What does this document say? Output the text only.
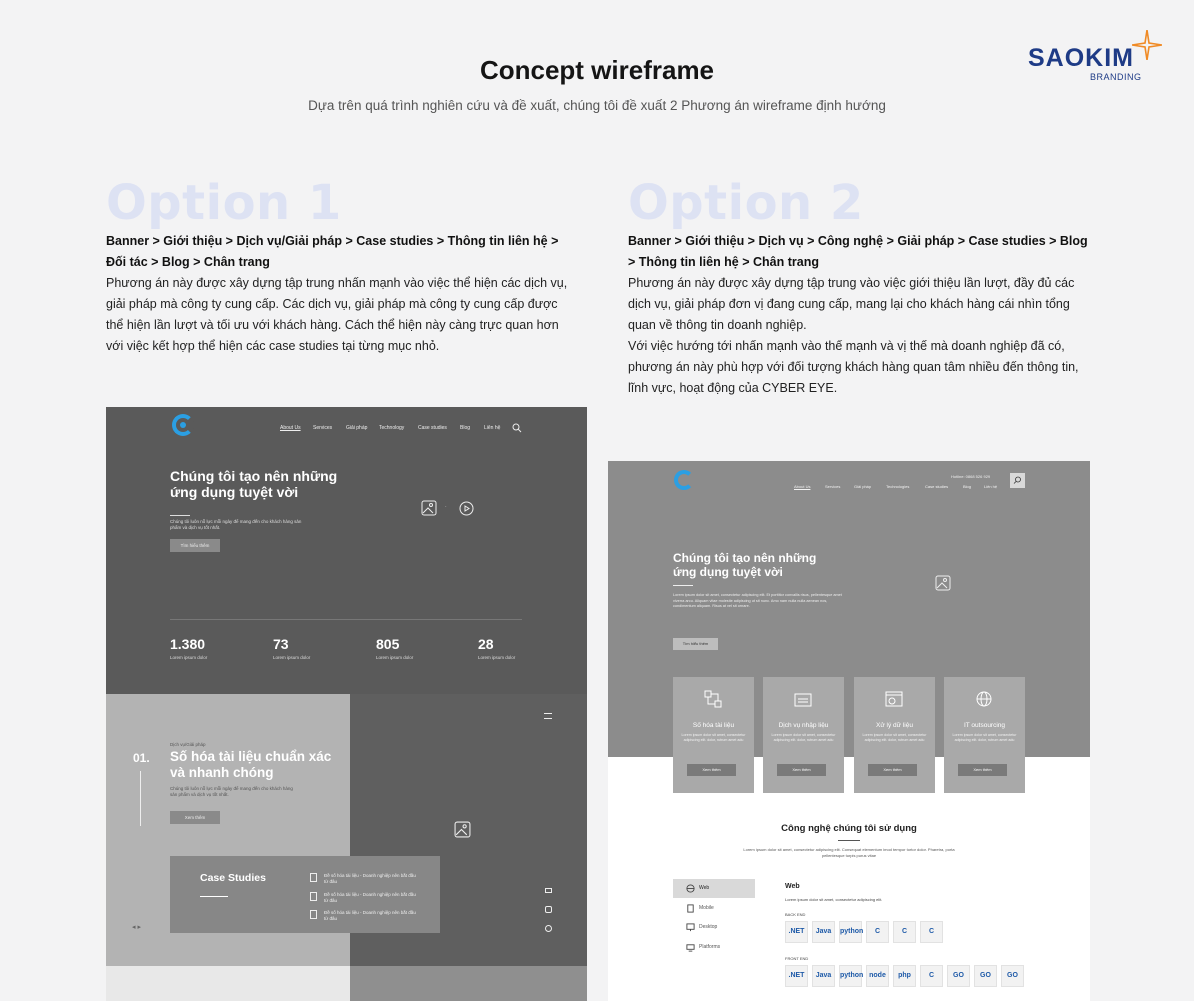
Concept wireframe
Dựa trên quá trình nghiên cứu và đề xuất, chúng tôi đề xuất 2 Phương án wireframe định hướng
SAOKIM
BRANDING
Option 1
Banner > Giới thiệu > Dịch vụ/Giải pháp > Case studies > Thông tin liên hệ > Đối tác > Blog > Chân trang
Phương án này được xây dựng tập trung nhấn mạnh vào việc thể hiện các dịch vụ, giải pháp mà công ty cung cấp. Các dịch vụ, giải pháp mà công ty cung cấp được thể hiện lần lượt và tối ưu với khách hàng. Cách thể hiện này càng trực quan hơn với việc kết hợp thể hiện các case studies tại từng mục nhỏ.
Option 2
Banner > Giới thiệu > Dịch vụ > Công nghệ > Giải pháp > Case studies > Blog > Thông tin liên hệ > Chân trang
Phương án này được xây dựng tập trung vào việc giới thiệu lần lượt, đầy đủ các dịch vụ, giải pháp đơn vị đang cung cấp, mang lại cho khách hàng cái nhìn tổng quan về thông tin doanh nghiệp.
Với việc hướng tới nhấn mạnh vào thế mạnh và vị thế mà doanh nghiệp đã có, phương án này phù hợp với đối tượng khách hàng quan tâm nhiều đến thông tin, lĩnh vực, hoạt động của CYBER EYE.
About Us Services	Giải pháp Technology	Case studies	Blog	Liên hệ
Chúng tôi tạo nên những
ứng dụng tuyệt vời
Chúng tôi luôn nỗ lực mỗi ngày để mang đến cho khách hàng sản phẩm và dịch vụ tốt nhất.
Tìm hiểu thêm
·
1.380
Lorem ipsum dolor
73
Lorem ipsum dolor
805
Lorem ipsum dolor
28
Lorem ipsum dolor
01.
Dịch vụ/Giải pháp
Số hóa tài liệu chuẩn xác
và nhanh chóng
Chúng tôi luôn nỗ lực mỗi ngày để mang đến cho khách hàng sản phẩm và dịch vụ tốt nhất.
Xem thêm
Case Studies	Đề số hóa tài liệu - Doanh nghiệp nên bắt đầu từ đâu
Đề số hóa tài liệu - Doanh nghiệp nên bắt đầu từ đâu
Đề số hóa tài liệu - Doanh nghiệp nên bắt đầu từ đâu
◂ ▸
Hotline: 0868 526 929
About Us	Services	Giải pháp	Technologies	Case studies	Blog	Liên hệ
Chúng tôi tạo nên những
ứng dụng tuyệt vời
Lorem ipsum dolor sit amet, consectetur adipiscing elit. Et porttitor convallis risus, pellentesque amet viverra arcu. Aliquam vitae molestie adipiscing ut sit nunc. Amo nam nulla nulla aenean nos, condimentum aliquam. Risus at vel sit ornare.
Tìm hiểu thêm
Số hóa tài liệu
Lorem ipsum dolor sit amet, consectetur adipiscing elit. dolor, rutrum amet adu
Xem thêm
Dịch vụ nhập liệu
Lorem ipsum dolor sit amet, consectetur adipiscing elit. dolor, rutrum amet adu
Xem thêm
Xử lý dữ liệu
Lorem ipsum dolor sit amet, consectetur adipiscing elit. dolor, rutrum amet adu
Xem thêm
IT outsourcing
Lorem ipsum dolor sit amet, consectetur adipiscing elit. dolor, rutrum amet adu
Xem thêm
Công nghệ chúng tôi sử dụng
Lorem ipsum dolor sit amet, consectetur adipiscing elit. Consequat elementum imod tempor tortor dolor. Pharetra, porta pellentesque turpis purus vitae
Web
Mobile
Desktop
Platforms
Web
Lorem ipsum dolor sit amet, consectetur adipiscing elit.
BACK END
.NET	Java	python	C	C	C
FRONT END
.NET	Java	python node	php	C	GO	GO	GO
